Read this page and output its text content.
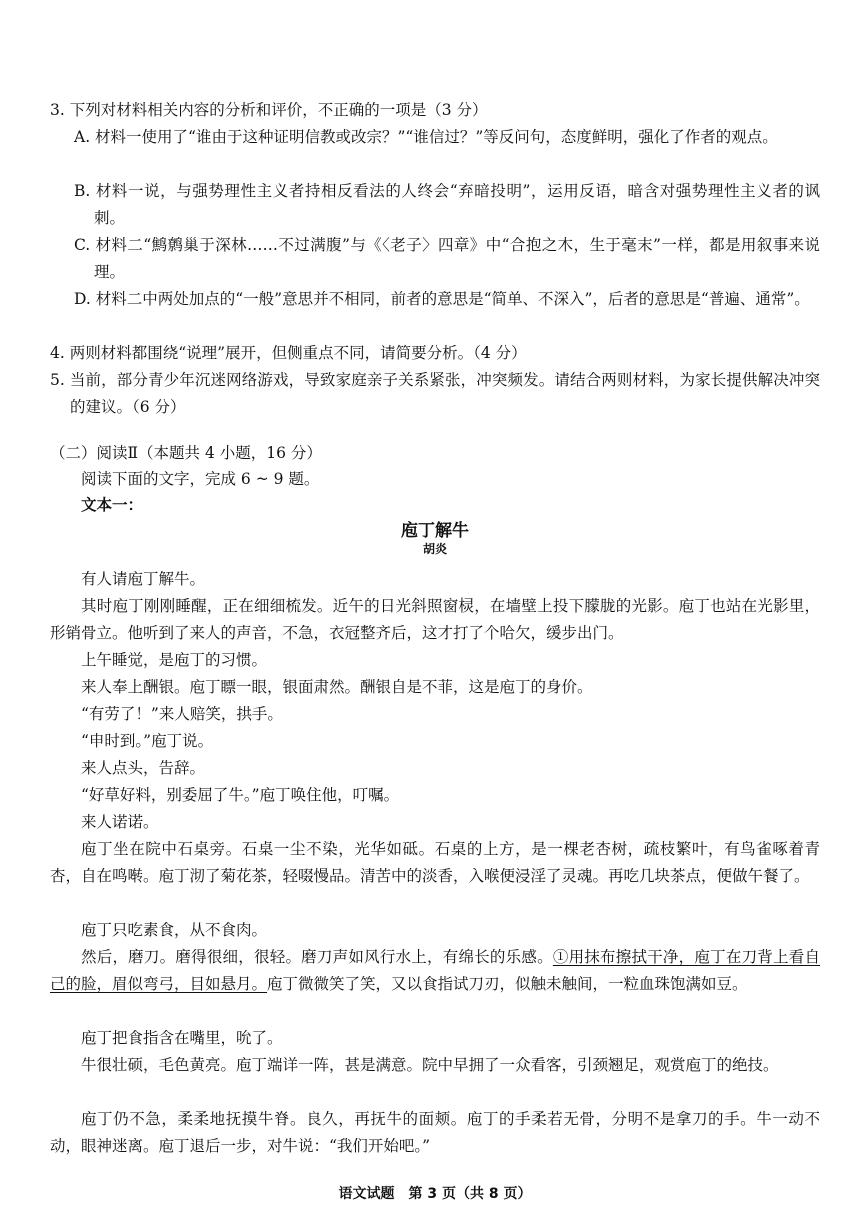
3. 下列对材料相关内容的分析和评价，不正确的一项是（3 分）
A. 材料一使用了“谁由于这种证明信教或改宗？”“谁信过？”等反问句，态度鲜明，强化了作者的观点。
B. 材料一说，与强势理性主义者持相反看法的人终会“弃暗投明”，运用反语，暗含对强势理性主义者的讽刺。
C. 材料二“鹪鹩巢于深林……不过满腹”与《〈老子〉四章》中“合抱之木，生于毫末”一样，都是用叙事来说理。
D. 材料二中两处加点的“一般”意思并不相同，前者的意思是“简单、不深入”，后者的意思是“普遍、通常”。
4. 两则材料都围绕“说理”展开，但侧重点不同，请简要分析。（4 分）
5. 当前，部分青少年沉迷网络游戏，导致家庭亲子关系紧张，冲突频发。请结合两则材料，为家长提供解决冲突的建议。（6 分）
（二）阅读Ⅱ（本题共 4 小题，16 分）
阅读下面的文字，完成 6 ~ 9 题。
文本一：
庖丁解牛
胡炎
有人请庖丁解牛。
其时庖丁刚刚睡醒，正在细细梳发。近午的日光斜照窗棂，在墙壁上投下朦胧的光影。庖丁也站在光影里，形销骨立。他听到了来人的声音，不急，衣冠整齐后，这才打了个哈欠，缓步出门。
上午睡觉，是庖丁的习惯。
来人奉上酬银。庖丁瞟一眼，银面肃然。酬银自是不菲，这是庖丁的身价。
“有劳了！”来人赔笑，拱手。
“申时到。”庖丁说。
来人点头，告辞。
“好草好料，别委屈了牛。”庖丁唤住他，叮嘱。
来人诺诺。
庖丁坐在院中石桌旁。石桌一尘不染，光华如砥。石桌的上方，是一棵老杏树，疏枝繁叶，有鸟雀啄着青杏，自在鸣啭。庖丁沏了菊花茶，轻啜慢品。清苦中的淡香，入喉便浸淫了灵魂。再吃几块茶点，便做午餐了。
庖丁只吃素食，从不食肉。
然后，磨刀。磨得很细，很轻。磨刀声如风行水上，有绵长的乐感。①用抹布擦拭干净，庖丁在刀背上看自己的脸，眉似弯弓，目如悬月。庖丁微微笑了笑，又以食指试刀刃，似触未触间，一粒血珠饱满如豆。
庖丁把食指含在嘴里，吮了。
牛很壮硕，毛色黄亮。庖丁端详一阵，甚是满意。院中早拥了一众看客，引颈翘足，观赏庖丁的绝技。
庖丁仍不急，柔柔地抚摸牛脊。良久，再抚牛的面颊。庖丁的手柔若无骨，分明不是拿刀的手。牛一动不动，眼神迷离。庖丁退后一步，对牛说：“我们开始吧。”
语文试题　第 3 页（共 8 页）
